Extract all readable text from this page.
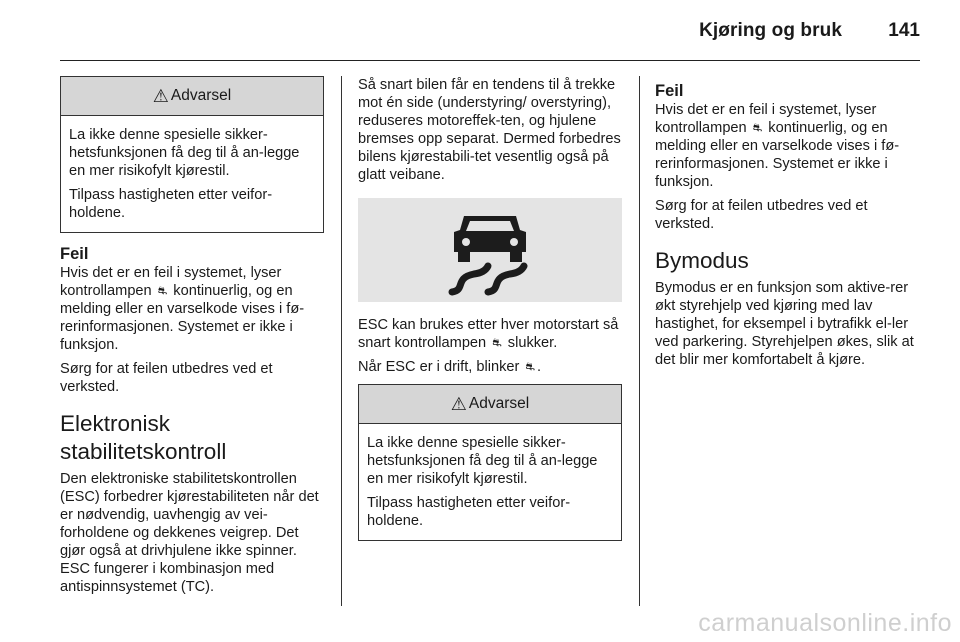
Kjøring og bruk 141
⚠ Advarsel

La ikke denne spesielle sikker-hetsfunksjonen få deg til å an-legge en mer risikofylt kjørestil.

Tilpass hastigheten etter veifor-holdene.

Feil

Hvis det er en feil i systemet, lyser kontrollampen ⛐ kontinuerlig, og en melding eller en varselkode vises i fø-rerinformasjonen. Systemet er ikke i funksjon.

Sørg for at feilen utbedres ved et verksted.

Elektronisk stabilitetskontroll

Den elektroniske stabilitetskontrollen (ESC) forbedrer kjørestabiliteten når det er nødvendig, uavhengig av vei-forholdene og dekkenes veigrep. Det gjør også at drivhjulene ikke spinner. ESC fungerer i kombinasjon med antispinnsystemet (TC).

Så snart bilen får en tendens til å trekke mot én side (understyring/ overstyring), reduseres motoreffek-ten, og hjulene bremses opp separat. Dermed forbedres bilens kjørestabili-tet vesentlig også på glatt veibane.

ESC kan brukes etter hver motorstart så snart kontrollampen ⛐ slukker.

Når ESC er i drift, blinker ⛐ .

⚠ Advarsel

La ikke denne spesielle sikker-hetsfunksjonen få deg til å an-legge en mer risikofylt kjørestil.

Tilpass hastigheten etter veifor-holdene.

Feil

Hvis det er en feil i systemet, lyser kontrollampen ⛐ kontinuerlig, og en melding eller en varselkode vises i fø-rerinformasjonen. Systemet er ikke i funksjon.

Sørg for at feilen utbedres ved et verksted.

Bymodus

Bymodus er en funksjon som aktive-rer økt styrehjelp ved kjøring med lav hastighet, for eksempel i bytrafikk el-ler ved parkering. Styrehjelpen økes, slik at det blir mer komfortabelt å kjøre.

carmanualsonline.info
